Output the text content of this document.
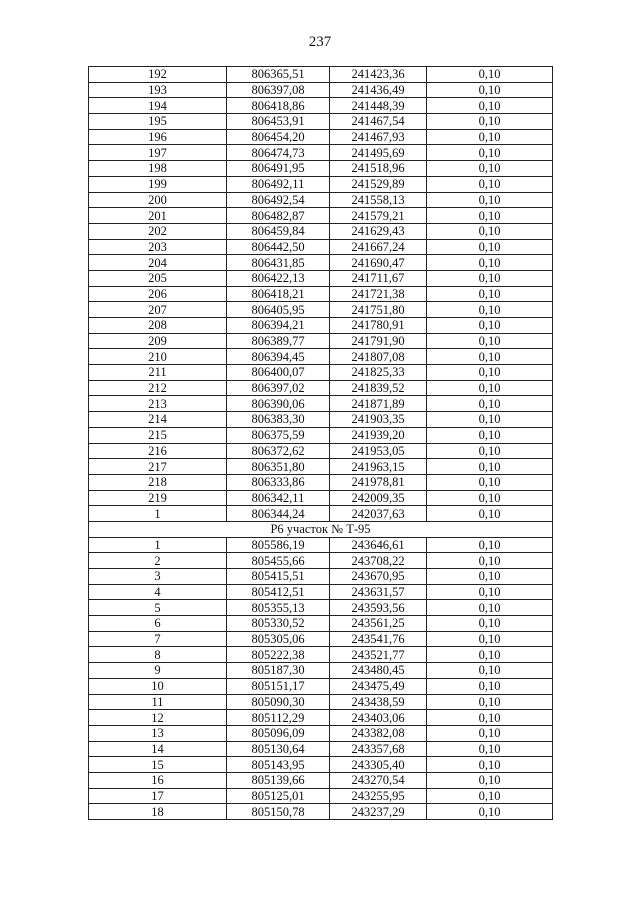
237
192	806365,51	241423,36	0,10
193	806397,08	241436,49	0,10
194	806418,86	241448,39	0,10
195	806453,91	241467,54	0,10
196	806454,20	241467,93	0,10
197	806474,73	241495,69	0,10
198	806491,95	241518,96	0,10
199	806492,11	241529,89	0,10
200	806492,54	241558,13	0,10
201	806482,87	241579,21	0,10
202	806459,84	241629,43	0,10
203	806442,50	241667,24	0,10
204	806431,85	241690,47	0,10
205	806422,13	241711,67	0,10
206	806418,21	241721,38	0,10
207	806405,95	241751,80	0,10
208	806394,21	241780,91	0,10
209	806389,77	241791,90	0,10
210	806394,45	241807,08	0,10
211	806400,07	241825,33	0,10
212	806397,02	241839,52	0,10
213	806390,06	241871,89	0,10
214	806383,30	241903,35	0,10
215	806375,59	241939,20	0,10
216	806372,62	241953,05	0,10
217	806351,80	241963,15	0,10
218	806333,86	241978,81	0,10
219	806342,11	242009,35	0,10
1	806344,24	242037,63	0,10
Р6 участок № Т-95			
1	805586,19	243646,61	0,10
2	805455,66	243708,22	0,10
3	805415,51	243670,95	0,10
4	805412,51	243631,57	0,10
5	805355,13	243593,56	0,10
6	805330,52	243561,25	0,10
7	805305,06	243541,76	0,10
8	805222,38	243521,77	0,10
9	805187,30	243480,45	0,10
10	805151,17	243475,49	0,10
11	805090,30	243438,59	0,10
12	805112,29	243403,06	0,10
13	805096,09	243382,08	0,10
14	805130,64	243357,68	0,10
15	805143,95	243305,40	0,10
16	805139,66	243270,54	0,10
17	805125,01	243255,95	0,10
18	805150,78	243237,29	0,10
